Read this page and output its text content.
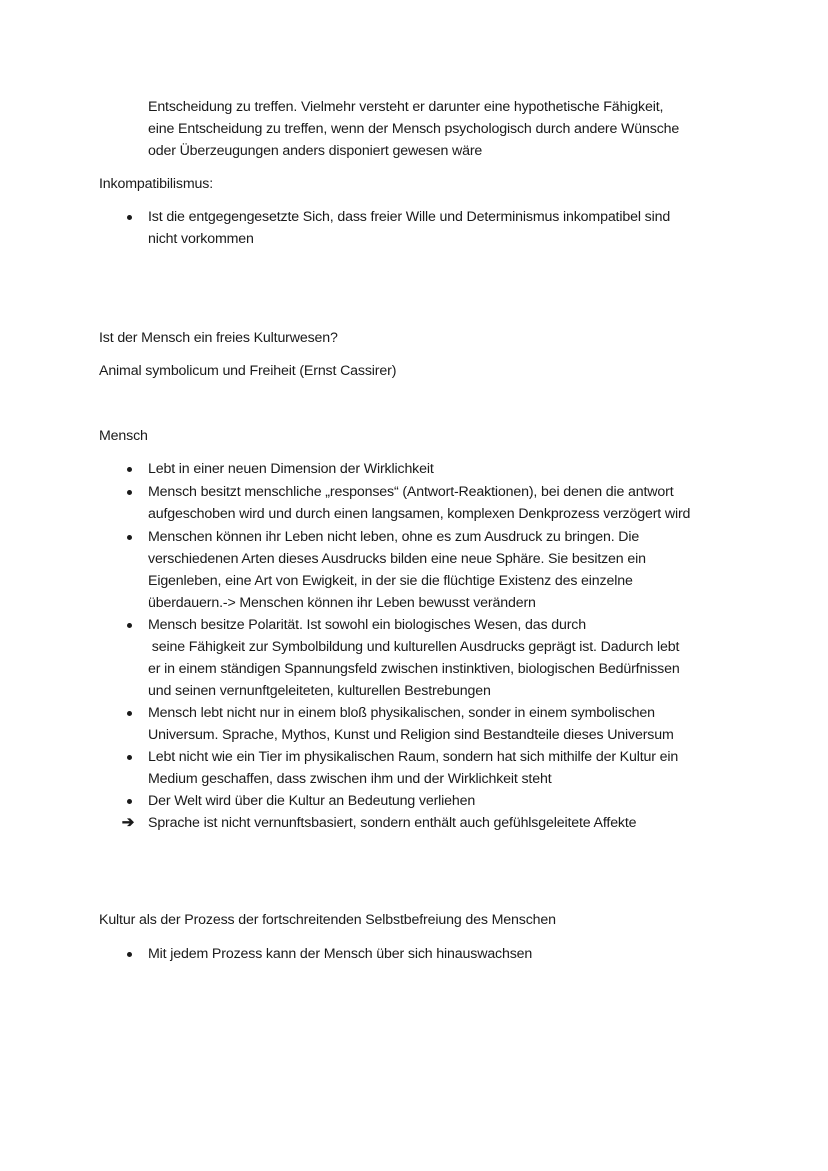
Entscheidung zu treffen. Vielmehr versteht er darunter eine hypothetische Fähigkeit,
eine Entscheidung zu treffen, wenn der Mensch psychologisch durch andere Wünsche
oder Überzeugungen anders disponiert gewesen wäre
Inkompatibilismus:
Ist die entgegengesetzte Sich, dass freier Wille und Determinismus inkompatibel sind
nicht vorkommen
Ist der Mensch ein freies Kulturwesen?
Animal symbolicum und Freiheit (Ernst Cassirer)
Mensch
Lebt in einer neuen Dimension der Wirklichkeit
Mensch besitzt menschliche „responses“ (Antwort-Reaktionen), bei denen die antwort
aufgeschoben wird und durch einen langsamen, komplexen Denkprozess verzögert wird
Menschen können ihr Leben nicht leben, ohne es zum Ausdruck zu bringen. Die
verschiedenen Arten dieses Ausdrucks bilden eine neue Sphäre. Sie besitzen ein
Eigenleben, eine Art von Ewigkeit, in der sie die flüchtige Existenz des einzelne
überdauern.-> Menschen können ihr Leben bewusst verändern
Mensch besitze Polarität. Ist sowohl ein biologisches Wesen, das durch
seine Fähigkeit zur Symbolbildung und kulturellen Ausdrucks geprägt ist. Dadurch lebt
er in einem ständigen Spannungsfeld zwischen instinktiven, biologischen Bedürfnissen
und seinen vernunftgeleiteten, kulturellen Bestrebungen
Mensch lebt nicht nur in einem bloß physikalischen, sonder in einem symbolischen
Universum. Sprache, Mythos, Kunst und Religion sind Bestandteile dieses Universum
Lebt nicht wie ein Tier im physikalischen Raum, sondern hat sich mithilfe der Kultur ein
Medium geschaffen, dass zwischen ihm und der Wirklichkeit steht
Der Welt wird über die Kultur an Bedeutung verliehen
➔ Sprache ist nicht vernunftsbasiert, sondern enthält auch gefühlsgeleitete Affekte
Kultur als der Prozess der fortschreitenden Selbstbefreiung des Menschen
Mit jedem Prozess kann der Mensch über sich hinauswachsen
